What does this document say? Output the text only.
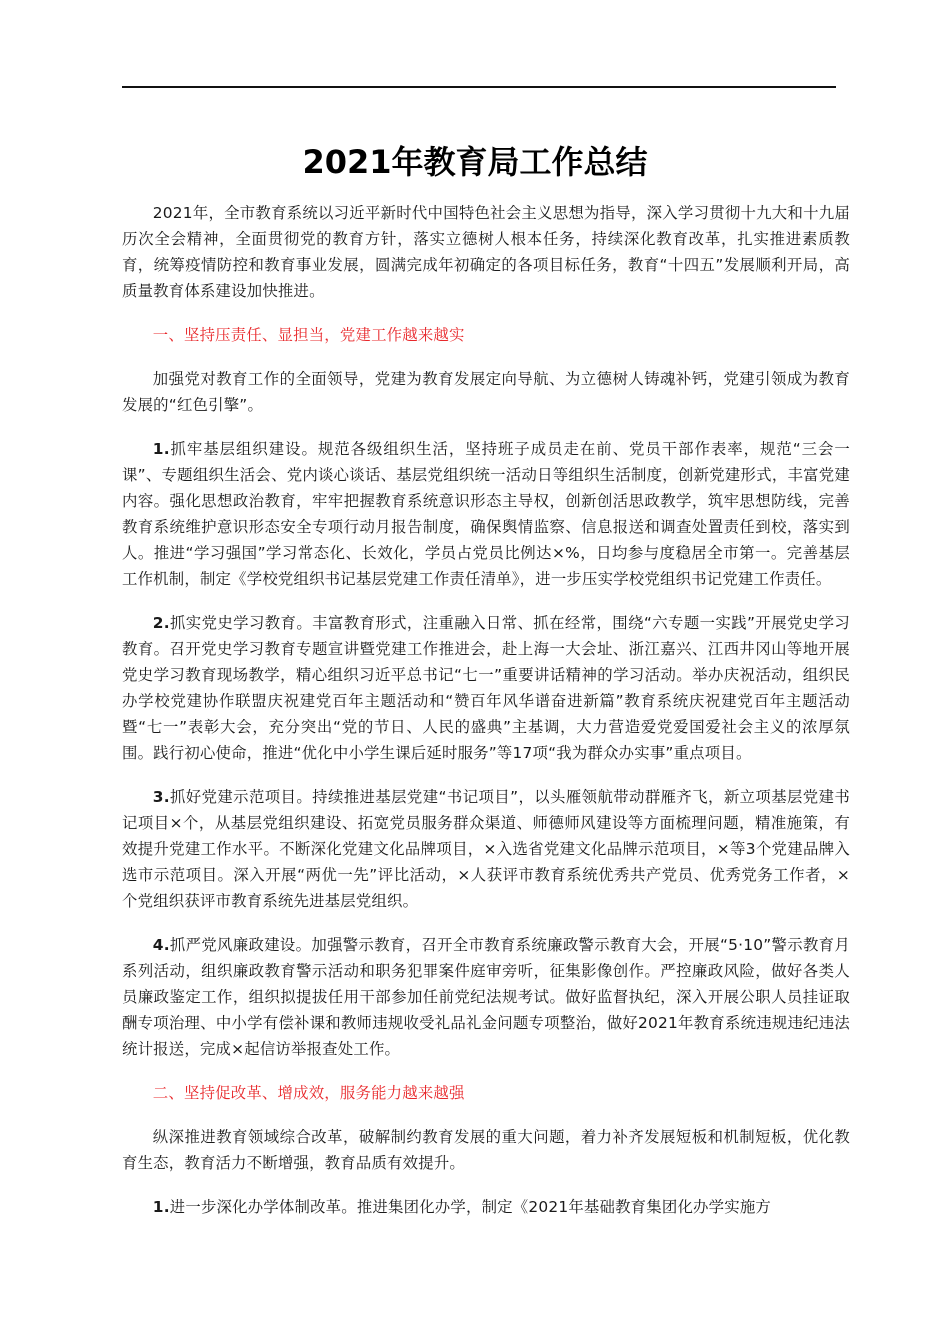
2021年教育局工作总结

2021年，全市教育系统以习近平新时代中国特色社会主义思想为指导，深入学习贯彻十九大和十九届历次全会精神，全面贯彻党的教育方针，落实立德树人根本任务，持续深化教育改革，扎实推进素质教育，统筹疫情防控和教育事业发展，圆满完成年初确定的各项目标任务，教育“十四五”发展顺利开局，高质量教育体系建设加快推进。

一、坚持压责任、显担当，党建工作越来越实

加强党对教育工作的全面领导，党建为教育发展定向导航、为立德树人铸魂补钙，党建引领成为教育发展的“红色引擎”。

1.抓牢基层组织建设。规范各级组织生活，坚持班子成员走在前、党员干部作表率，规范“三会一课”、专题组织生活会、党内谈心谈话、基层党组织统一活动日等组织生活制度，创新党建形式，丰富党建内容。强化思想政治教育，牢牢把握教育系统意识形态主导权，创新创活思政教学，筑牢思想防线，完善教育系统维护意识形态安全专项行动月报告制度，确保舆情监察、信息报送和调查处置责任到校，落实到人。推进“学习强国”学习常态化、长效化，学员占党员比例达×%，日均参与度稳居全市第一。完善基层工作机制，制定《学校党组织书记基层党建工作责任清单》，进一步压实学校党组织书记党建工作责任。

2.抓实党史学习教育。丰富教育形式，注重融入日常、抓在经常，围绕“六专题一实践”开展党史学习教育。召开党史学习教育专题宣讲暨党建工作推进会，赴上海一大会址、浙江嘉兴、江西井冈山等地开展党史学习教育现场教学，精心组织习近平总书记“七一”重要讲话精神的学习活动。举办庆祝活动，组织民办学校党建协作联盟庆祝建党百年主题活动和“赞百年风华谱奋进新篇”教育系统庆祝建党百年主题活动暨“七一”表彰大会，充分突出“党的节日、人民的盛典”主基调，大力营造爱党爱国爱社会主义的浓厚氛围。践行初心使命，推进“优化中小学生课后延时服务”等17项“我为群众办实事”重点项目。

3.抓好党建示范项目。持续推进基层党建“书记项目”，以头雁领航带动群雁齐飞，新立项基层党建书记项目×个，从基层党组织建设、拓宽党员服务群众渠道、师德师风建设等方面梳理问题，精准施策，有效提升党建工作水平。不断深化党建文化品牌项目，×入选省党建文化品牌示范项目，×等3个党建品牌入选市示范项目。深入开展“两优一先”评比活动，×人获评市教育系统优秀共产党员、优秀党务工作者，×个党组织获评市教育系统先进基层党组织。

4.抓严党风廉政建设。加强警示教育，召开全市教育系统廉政警示教育大会，开展“5·10”警示教育月系列活动，组织廉政教育警示活动和职务犯罪案件庭审旁听，征集影像创作。严控廉政风险，做好各类人员廉政鉴定工作，组织拟提拔任用干部参加任前党纪法规考试。做好监督执纪，深入开展公职人员挂证取酬专项治理、中小学有偿补课和教师违规收受礼品礼金问题专项整治，做好2021年教育系统违规违纪违法统计报送，完成×起信访举报查处工作。

二、坚持促改革、增成效，服务能力越来越强

纵深推进教育领域综合改革，破解制约教育发展的重大问题，着力补齐发展短板和机制短板，优化教育生态，教育活力不断增强，教育品质有效提升。

1.进一步深化办学体制改革。推进集团化办学，制定《2021年基础教育集团化办学实施方
